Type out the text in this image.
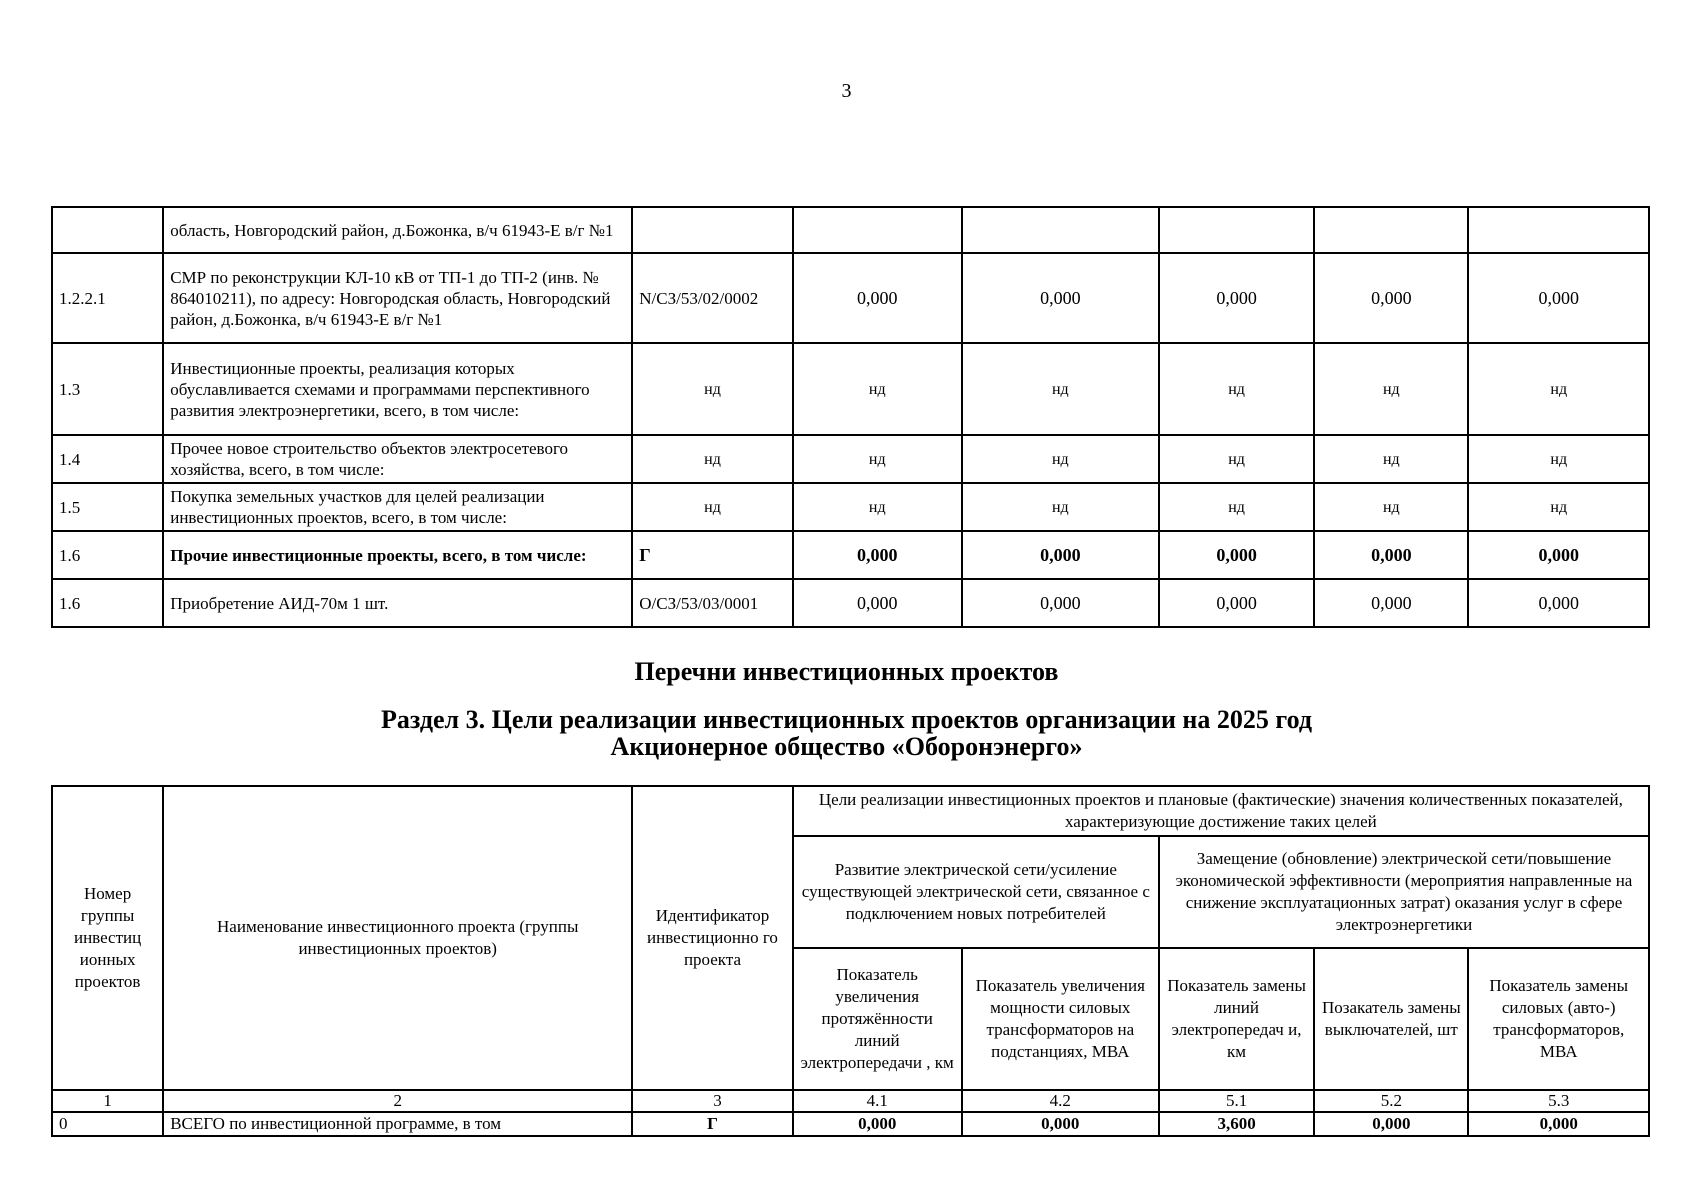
3
	область, Новгородский район, д.Божонка, в/ч 61943-Е в/г №1						
1.2.2.1	СМР по реконструкции КЛ-10 кВ от ТП-1 до ТП-2 (инв. № 864010211), по адресу: Новгородская область, Новгородский район, д.Божонка, в/ч 61943-Е в/г №1	N/СЗ/53/02/0002	0,000	0,000	0,000	0,000	0,000
1.3	Инвестиционные проекты, реализация которых обуславливается схемами и программами перспективного развития электроэнергетики, всего, в том числе:	нд	нд	нд	нд	нд	нд
1.4	Прочее новое строительство объектов электросетевого хозяйства, всего, в том числе:	нд	нд	нд	нд	нд	нд
1.5	Покупка земельных участков для целей реализации инвестиционных проектов, всего, в том числе:	нд	нд	нд	нд	нд	нд
1.6	Прочие инвестиционные проекты, всего, в том числе:	Г	0,000	0,000	0,000	0,000	0,000
1.6	Приобретение АИД-70м 1 шт.	О/СЗ/53/03/0001	0,000	0,000	0,000	0,000	0,000
Перечни инвестиционных проектов
Раздел 3. Цели реализации инвестиционных проектов организации на 2025 год
Акционерное общество «Оборонэнерго»
Номер группы инвестиц ионных проектов	Наименование инвестиционного проекта (группы инвестиционных проектов)	Идентификатор инвестиционно го проекта	Цели реализации инвестиционных проектов и плановые (фактические) значения количественных показателей, характеризующие достижение таких целей				
			Развитие электрической сети/усиление существующей электрической сети, связанное с подключением новых потребителей		Замещение (обновление) электрической сети/повышение экономической эффективности (мероприятия направленные на снижение эксплуатационных затрат) оказания услуг в сфере электроэнергетики		
			Показатель увеличения протяжённости линий электропередачи , км	Показатель увеличения мощности силовых трансформаторов на подстанциях, МВА	Показатель замены линий электропередач и, км	Позакатель замены выключателей, шт	Показатель замены силовых (авто-) трансформаторов, МВА
1	2	3	4.1	4.2	5.1	5.2	5.3
0	ВСЕГО по инвестиционной программе, в том	Г	0,000	0,000	3,600	0,000	0,000
